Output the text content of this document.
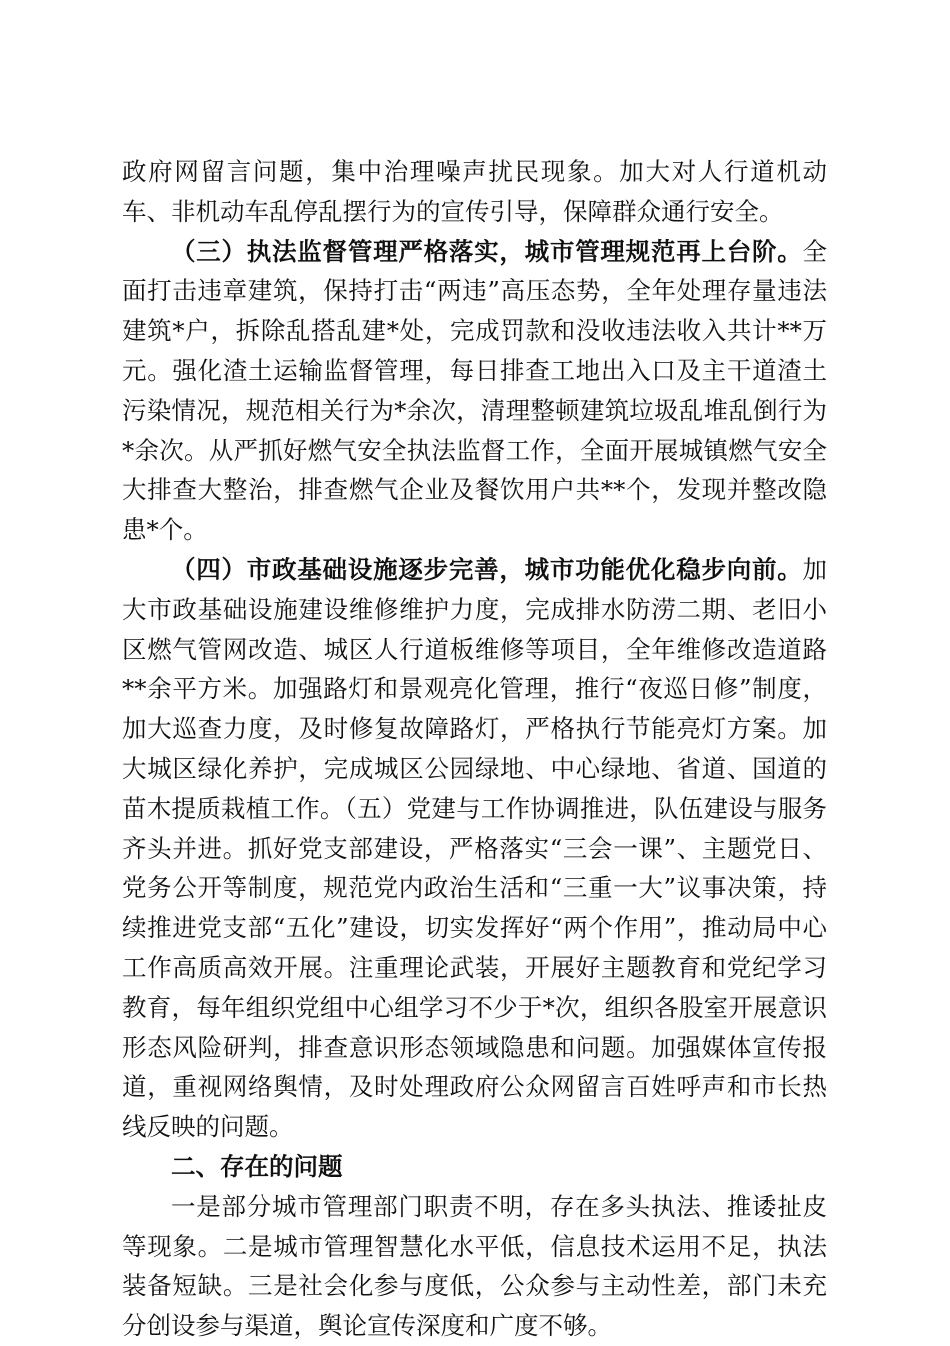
政府网留言问题，集中治理噪声扰民现象。加大对人行道机动车、非机动车乱停乱摆行为的宣传引导，保障群众通行安全。

（三）执法监督管理严格落实，城市管理规范再上台阶。全面打击违章建筑，保持打击“两违”高压态势，全年处理存量违法建筑*户，拆除乱搭乱建*处，完成罚款和没收违法收入共计**万元。强化渣土运输监督管理，每日排查工地出入口及主干道渣土污染情况，规范相关行为*余次，清理整顿建筑垃圾乱堆乱倒行为*余次。从严抓好燃气安全执法监督工作，全面开展城镇燃气安全大排查大整治，排查燃气企业及餐饮用户共**个，发现并整改隐患*个。

（四）市政基础设施逐步完善，城市功能优化稳步向前。加大市政基础设施建设维修维护力度，完成排水防涝二期、老旧小区燃气管网改造、城区人行道板维修等项目，全年维修改造道路**余平方米。加强路灯和景观亮化管理，推行“夜巡日修”制度，加大巡查力度，及时修复故障路灯，严格执行节能亮灯方案。加大城区绿化养护，完成城区公园绿地、中心绿地、省道、国道的苗木提质栽植工作。（五）党建与工作协调推进，队伍建设与服务齐头并进。抓好党支部建设，严格落实“三会一课”、主题党日、党务公开等制度，规范党内政治生活和“三重一大”议事决策，持续推进党支部“五化”建设，切实发挥好“两个作用”，推动局中心工作高质高效开展。注重理论武装，开展好主题教育和党纪学习教育，每年组织党组中心组学习不少于*次，组织各股室开展意识形态风险研判，排查意识形态领域隐患和问题。加强媒体宣传报道，重视网络舆情，及时处理政府公众网留言百姓呼声和市长热线反映的问题。

二、存在的问题

一是部分城市管理部门职责不明，存在多头执法、推诿扯皮等现象。二是城市管理智慧化水平低，信息技术运用不足，执法装备短缺。三是社会化参与度低，公众参与主动性差，部门未充分创设参与渠道，舆论宣传深度和广度不够。
